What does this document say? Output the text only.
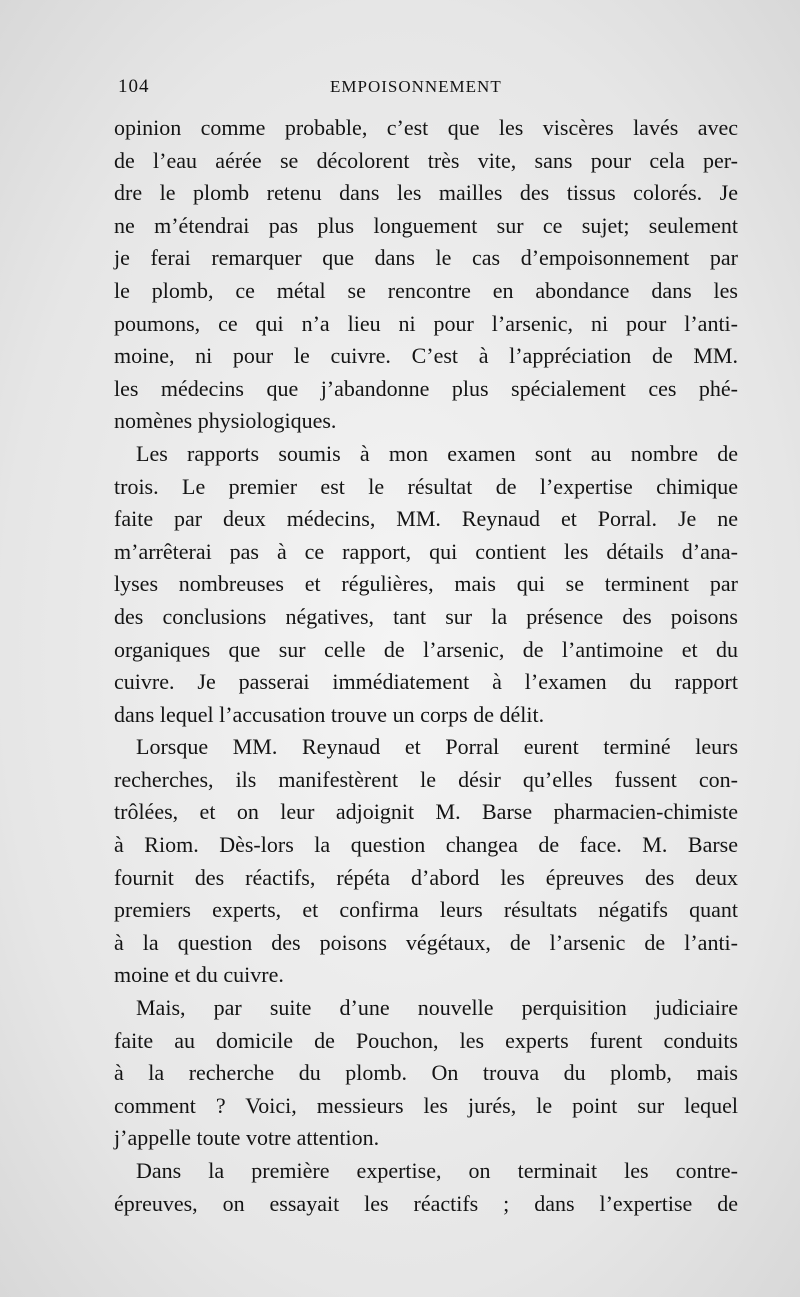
104	EMPOISONNEMENT
opinion comme probable, c’est que les viscères lavés avec
de l’eau aérée se décolorent très vite, sans pour cela per-
dre le plomb retenu dans les mailles des tissus colorés. Je
ne m’étendrai pas plus longuement sur ce sujet; seulement
je ferai remarquer que dans le cas d’empoisonnement par
le plomb, ce métal se rencontre en abondance dans les
poumons, ce qui n’a lieu ni pour l’arsenic, ni pour l’anti-
moine, ni pour le cuivre. C’est à l’appréciation de MM.
les médecins que j’abandonne plus spécialement ces phé-
nomènes physiologiques.
Les rapports soumis à mon examen sont au nombre de
trois. Le premier est le résultat de l’expertise chimique
faite par deux médecins, MM. Reynaud et Porral. Je ne
m’arrêterai pas à ce rapport, qui contient les détails d’ana-
lyses nombreuses et régulières, mais qui se terminent par
des conclusions négatives, tant sur la présence des poisons
organiques que sur celle de l’arsenic, de l’antimoine et du
cuivre. Je passerai immédiatement à l’examen du rapport
dans lequel l’accusation trouve un corps de délit.
Lorsque MM. Reynaud et Porral eurent terminé leurs
recherches, ils manifestèrent le désir qu’elles fussent con-
trôlées, et on leur adjoignit M. Barse pharmacien-chimiste
à Riom. Dès-lors la question changea de face. M. Barse
fournit des réactifs, répéta d’abord les épreuves des deux
premiers experts, et confirma leurs résultats négatifs quant
à la question des poisons végétaux, de l’arsenic de l’anti-
moine et du cuivre.
Mais, par suite d’une nouvelle perquisition judiciaire
faite au domicile de Pouchon, les experts furent conduits
à la recherche du plomb. On trouva du plomb, mais
comment ? Voici, messieurs les jurés, le point sur lequel
j’appelle toute votre attention.
Dans la première expertise, on terminait les contre-
épreuves, on essayait les réactifs ; dans l’expertise de
